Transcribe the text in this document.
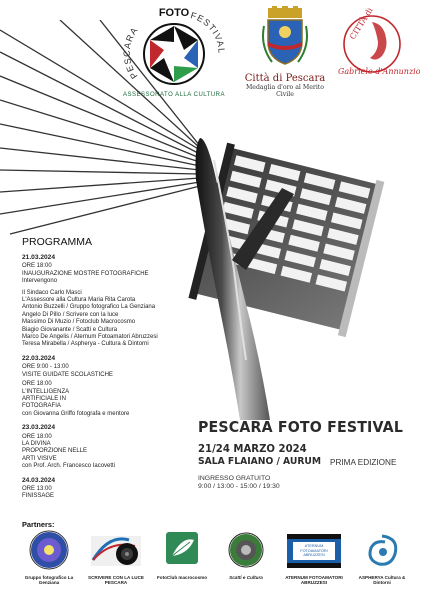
PESCARA
FESTIVAL
FOTO
ASSESSORATO ALLA CULTURA
Città di Pescara
Medaglia d'oro al Merito Civile
CITTÀ di
Gabriele d'Annunzio
PROGRAMMA
21.03.2024
ORE 18:00
INAUGURAZIONE MOSTRE FOTOGRAFICHE
Intervengono
Il Sindaco Carlo Masci
L'Assessore alla Cultura Maria Rita Carota
Antonio Buzzelli / Gruppo fotografico La Genziana
Angelo Di Pillo / Scrivere con la luce
Massimo Di Muzio / Fotoclub Macrocosmo
Biagio Giovanante / Scatti e Cultura
Marco De Angelis / Aternum Fotoamatori Abruzzesi
Teresa Mirabella / Aspherya - Cultura & Dintorni
22.03.2024
ORE 9:00 - 13:00
VISITE GUIDATE SCOLASTICHE
ORE 18:00
L'INTELLIGENZA ARTIFICIALE IN FOTOGRAFIA
con Giovanna Griffo fotografa e mentore
23.03.2024
ORE 18:00
LA DIVINA PROPORZIONE NELLE ARTI VISIVE
con Prof. Arch. Francesco Iacovetti
24.03.2024
ORE 13:00
FINISSAGE
PESCARA FOTO FESTIVAL
21/24 MARZO 2024
SALA FLAIANO / AURUM	PRIMA EDIZIONE
INGRESSO GRATUITO
9:00 / 13:00 - 15:00 / 19:30
Partners:
Gruppo fotografico La Genziana
SCRIVERE CON LA LUCE PESCARA
FotoClub macrocosmo	Scatti e Cultura
ATERNUM FOTOAMATORI ABRUZZESI
ATERNUM FOTOAMATORI ABRUZZESI
ASPHERYA Cultura & Dintorni
